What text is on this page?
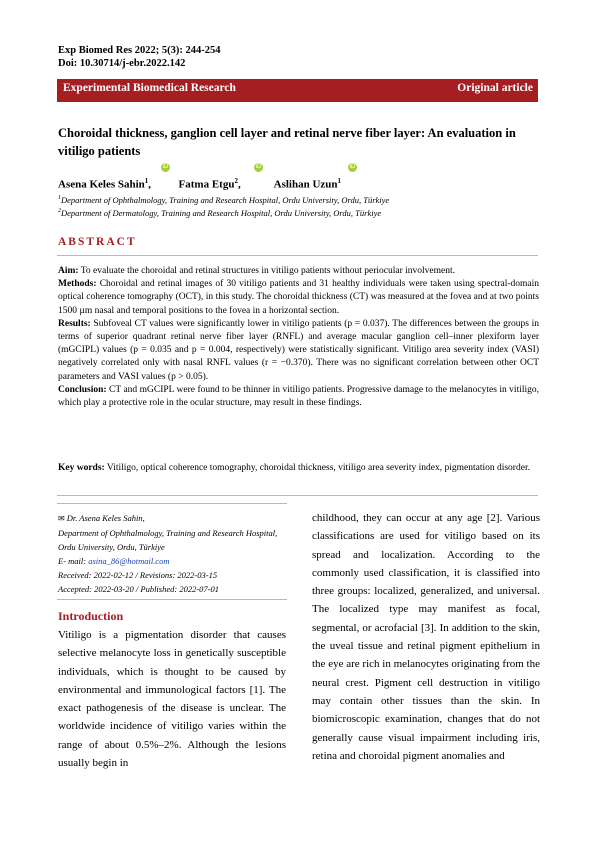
Exp Biomed Res 2022; 5(3): 244-254
Doi: 10.30714/j-ebr.2022.142
Experimental Biomedical Research	Original article
Choroidal thickness, ganglion cell layer and retinal nerve fiber layer: An evaluation in vitiligo patients
iD	iD	iD
Asena Keles Sahin$^1$,	Fatma Etgu$^2$,	Aslihan Uzun$^1$
$^1$Department of Ophthalmology, Training and Research Hospital, Ordu University, Ordu, Türkiye
$^2$Department of Dermatology, Training and Research Hospital, Ordu University, Ordu, Türkiye
ABSTRACT

Aim: To evaluate the choroidal and retinal structures in vitiligo patients without periocular involvement.

Methods: Choroidal and retinal images of 30 vitiligo patients and 31 healthy individuals were taken using spectral-domain optical coherence tomography (OCT), in this study. The choroidal thickness (CT) was measured at the fovea and at two points 1500 µm nasal and temporal positions to the fovea in a horizontal section.

Results: Subfoveal CT values were significantly lower in vitiligo patients (p = 0.037). The differences between the groups in terms of superior quadrant retinal nerve fiber layer (RNFL) and average macular ganglion cell–inner plexiform layer (mGCIPL) values (p = 0.035 and p = 0.004, respectively) were statistically significant. Vitiligo area severity index (VASI) negatively correlated only with nasal RNFL values (r = −0.370). There was no significant correlation between other OCT parameters and VASI values (p > 0.05).

Conclusion: CT and mGCIPL were found to be thinner in vitiligo patients. Progressive damage to the melanocytes in vitiligo, which play a protective role in the ocular structure, may result in these findings.

Key words: Vitiligo, optical coherence tomography, choroidal thickness, vitiligo area severity index, pigmentation disorder.
✉ Dr. Asena Keles Sahin,
Department of Ophthalmology, Training and Research Hospital, Ordu University, Ordu, Türkiye
E- mail: asina_86@hotmail.com
Received: 2022-02-12 / Revisions: 2022-03-15
Accepted: 2022-03-20 / Published: 2022-07-01
Introduction

Vitiligo is a pigmentation disorder that causes selective melanocyte loss in genetically susceptible individuals, which is thought to be caused by environmental and immunological factors [1]. The exact pathogenesis of the disease is unclear. The worldwide incidence of vitiligo varies within the range of about 0.5%–2%. Although the lesions usually begin in

childhood, they can occur at any age [2]. Various classifications are used for vitiligo based on its spread and localization. According to the commonly used classification, it is classified into three groups: localized, generalized, and universal. The localized type may manifest as focal, segmental, or acrofacial [3]. In addition to the skin, the uveal tissue and retinal pigment epithelium in the eye are rich in melanocytes originating from the neural crest. Pigment cell destruction in vitiligo may contain other tissues than the skin. In biomicroscopic examination, changes that do not generally cause visual impairment including iris, retina and choroidal pigment anomalies and
